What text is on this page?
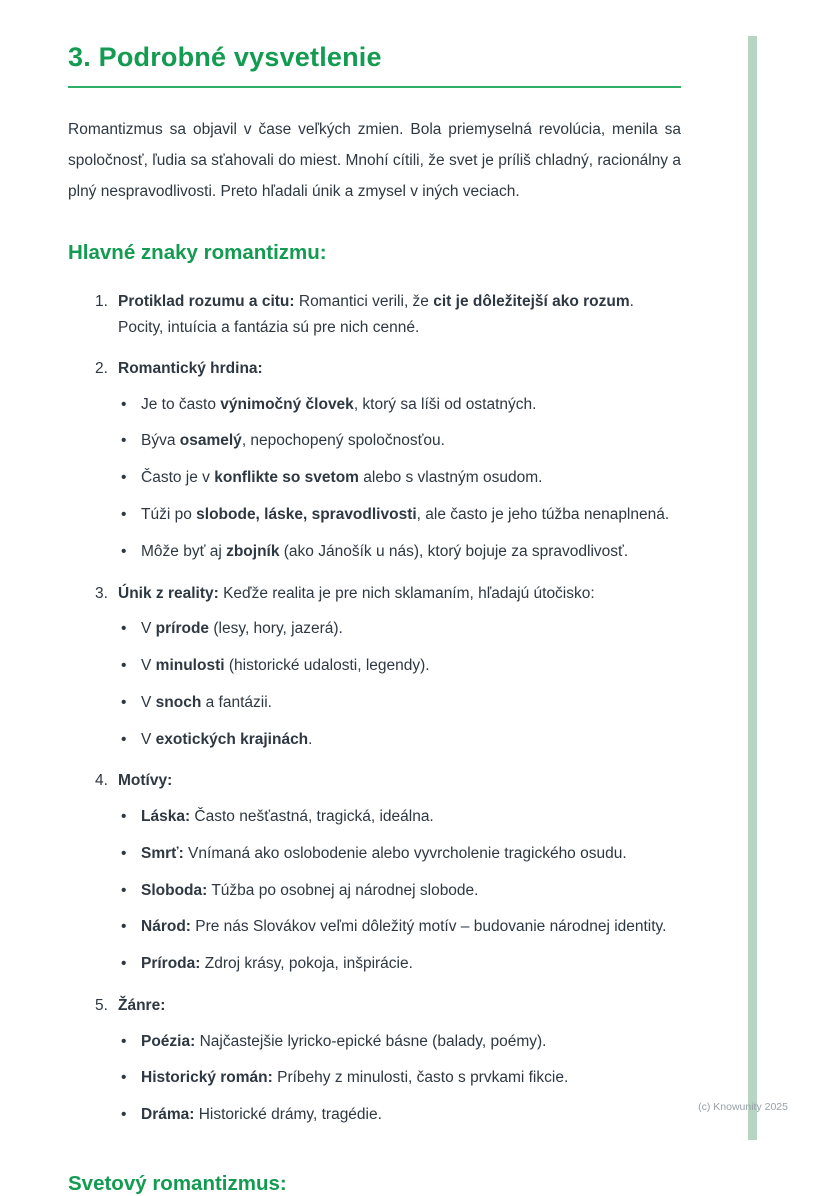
3. Podrobné vysvetlenie

Romantizmus sa objavil v čase veľkých zmien. Bola priemyselná revolúcia, menila sa spoločnosť, ľudia sa sťahovali do miest. Mnohí cítili, že svet je príliš chladný, racionálny a plný nespravodlivosti. Preto hľadali únik a zmysel v iných veciach.

Hlavné znaky romantizmu:
1. Protiklad rozumu a citu: Romantici verili, že cit je dôležitejší ako rozum. Pocity, intuícia a fantázia sú pre nich cenné.
2. Romantický hrdina:
• Je to často výnimočný človek, ktorý sa líši od ostatných.
• Býva osamelý, nepochopený spoločnosťou.
• Často je v konflikte so svetom alebo s vlastným osudom.
• Túži po slobode, láske, spravodlivosti, ale často je jeho túžba nenaplnená.
• Môže byť aj zbojník (ako Jánošík u nás), ktorý bojuje za spravodlivosť.
3. Únik z reality: Keďže realita je pre nich sklamaním, hľadajú útočisko:
• V prírode (lesy, hory, jazerá).
• V minulosti (historické udalosti, legendy).
• V snoch a fantázii.
• V exotických krajinách.
4. Motívy:
• Láska: Často nešťastná, tragická, ideálna.
• Smrť: Vnímaná ako oslobodenie alebo vyvrcholenie tragického osudu.
• Sloboda: Túžba po osobnej aj národnej slobode.
• Národ: Pre nás Slovákov veľmi dôležitý motív – budovanie národnej identity.
• Príroda: Zdroj krásy, pokoja, inšpirácie.
5. Žánre:
• Poézia: Najčastejšie lyricko-epické básne (balady, poémy).
• Historický román: Príbehy z minulosti, často s prvkami fikcie.
• Dráma: Historické drámy, tragédie.
Svetový romantizmus:
(c) Knowunity 2025
